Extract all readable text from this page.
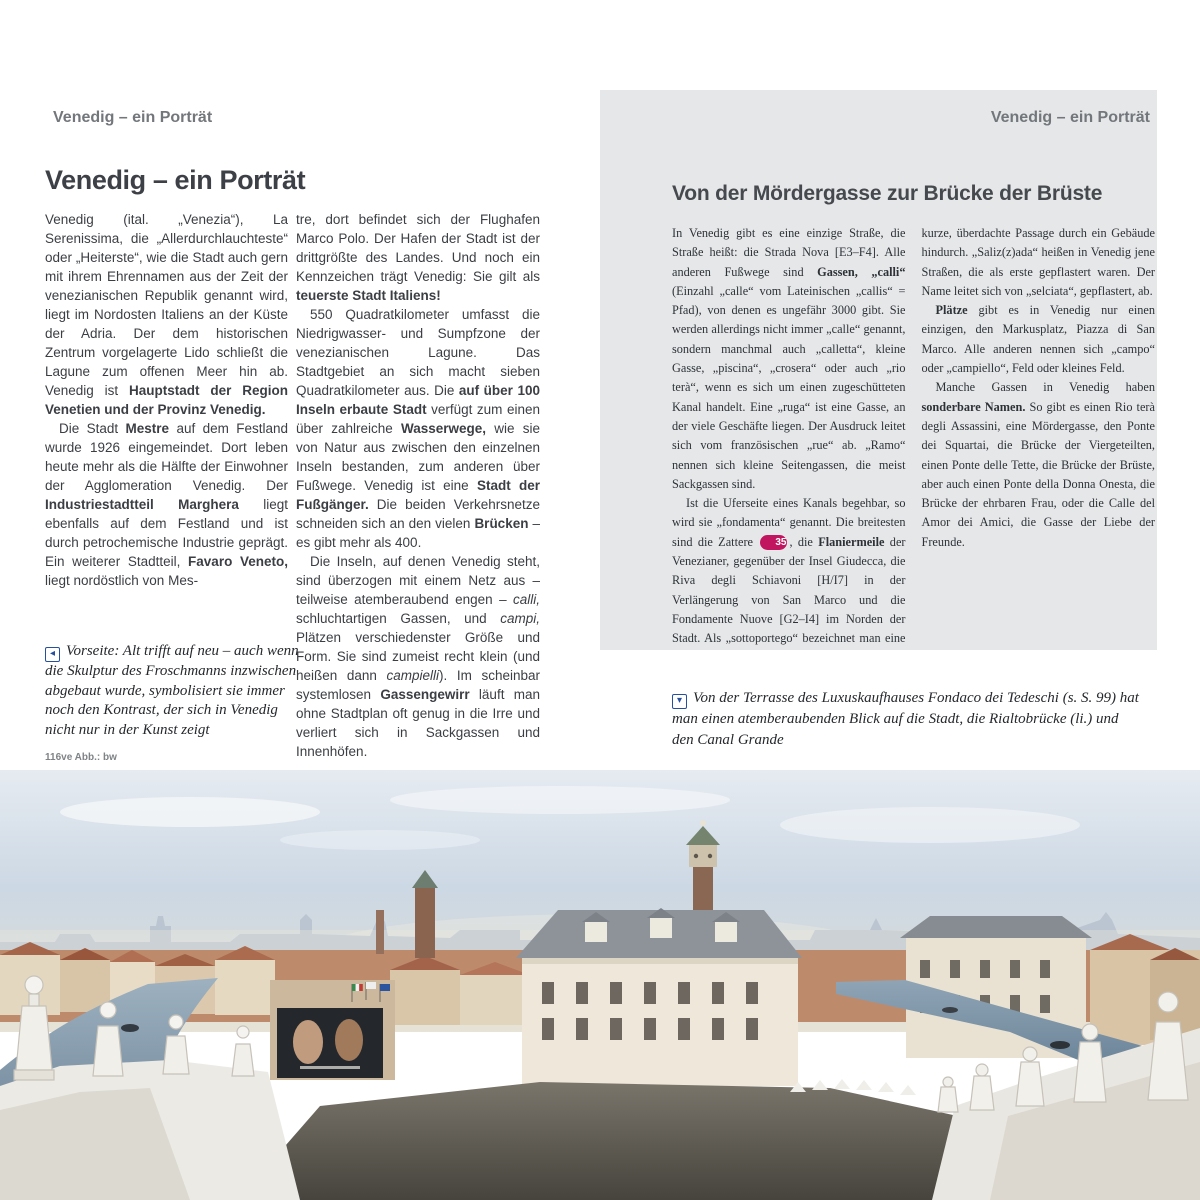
108 Venedig – ein Porträt	109
Venedig – ein Porträt
Venedig – ein Porträt

Venedig (ital. „Venezia“), La Serenissima, die „Allerdurchlauchteste“ oder „Heiterste“, wie die Stadt auch gern mit ihrem Ehrennamen aus der Zeit der venezianischen Republik genannt wird, liegt im Nordosten Italiens an der Küste der Adria. Der dem historischen Zentrum vorgelagerte Lido schließt die Lagune zum offenen Meer hin ab. Venedig ist Hauptstadt der Region Venetien und der Provinz Venedig.

Die Stadt Mestre auf dem Festland wurde 1926 eingemeindet. Dort leben heute mehr als die Hälfte der Einwohner der Agglomeration Venedig. Der Industriestadtteil Marghera liegt ebenfalls auf dem Festland und ist durch petrochemische Industrie geprägt. Ein weiterer Stadtteil, Favaro Veneto, liegt nordöstlich von Mes-

tre, dort befindet sich der Flughafen Marco Polo. Der Hafen der Stadt ist der drittgrößte des Landes. Und noch ein Kennzeichen trägt Venedig: Sie gilt als teuerste Stadt Italiens!

550 Quadratkilometer umfasst die Niedrigwasser- und Sumpfzone der venezianischen Lagune. Das Stadtgebiet an sich macht sieben Quadratkilometer aus. Die auf über 100 Inseln erbaute Stadt verfügt zum einen über zahlreiche Wasserwege, wie sie von Natur aus zwischen den einzelnen Inseln bestanden, zum anderen über Fußwege. Venedig ist eine Stadt der Fußgänger. Die beiden Verkehrsnetze schneiden sich an den vielen Brücken – es gibt mehr als 400.

Die Inseln, auf denen Venedig steht, sind überzogen mit einem Netz aus – teilweise atemberaubend engen – calli, schluchtartigen Gassen, und campi, Plätzen verschiedenster Größe und Form. Sie sind zumeist recht klein (und heißen dann campielli). Im scheinbar systemlosen Gassengewirr läuft man ohne Stadtplan oft genug in die Irre und verliert sich in Sackgassen und Innenhöfen.

◂ Vorseite: Alt trifft auf neu – auch wenn die Skulptur des Froschmanns inzwischen abgebaut wurde, symbolisiert sie immer noch den Kontrast, der sich in Venedig nicht nur in der Kunst zeigt

116ve Abb.: bw
Von der Mördergasse zur Brücke der Brüste

In Venedig gibt es eine einzige Straße, die Straße heißt: die Strada Nova [E3–F4]. Alle anderen Fußwege sind Gassen, „calli“ (Einzahl „calle“ vom Lateinischen „callis“ = Pfad), von denen es ungefähr 3000 gibt. Sie werden allerdings nicht immer „calle“ genannt, sondern manchmal auch „calletta“, kleine Gasse, „piscina“, „crosera“ oder auch „rio terà“, wenn es sich um einen zugeschütteten Kanal handelt. Eine „ruga“ ist eine Gasse, an der viele Geschäfte liegen. Der Ausdruck leitet sich vom französischen „rue“ ab. „Ramo“ nennen sich kleine Seitengassen, die meist Sackgassen sind.

Ist die Uferseite eines Kanals begehbar, so wird sie „fondamenta“ genannt. Die breitesten sind die Zattere 35 , die Flaniermeile der Venezianer, gegenüber der Insel Giudecca, die Riva degli Schiavoni [H/I7] in der Verlängerung von San Marco und die Fondamente Nuove [G2–I4] im Norden der Stadt. Als „sottoportego“ bezeichnet man eine kurze, überdachte Passage durch ein Gebäude hindurch. „Saliz(z)ada“ heißen in Venedig jene Straßen, die als erste gepflastert waren. Der Name leitet sich von „selciata“, gepflastert, ab.

Plätze gibt es in Venedig nur einen einzigen, den Markusplatz, Piazza di San Marco. Alle anderen nennen sich „campo“ oder „campiello“, Feld oder kleines Feld.

Manche Gassen in Venedig haben sonderbare Namen. So gibt es einen Rio terà degli Assassini, eine Mördergasse, den Ponte dei Squartai, die Brücke der Viergeteilten, einen Ponte delle Tette, die Brücke der Brüste, aber auch einen Ponte della Donna Onesta, die Brücke der ehrbaren Frau, oder die Calle del Amor dei Amici, die Gasse der Liebe der Freunde.

▾ Von der Terrasse des Luxuskaufhauses Fondaco dei Tedeschi (s. S. 99) hat man einen atemberaubenden Blick auf die Stadt, die Rialtobrücke (li.) und den Canal Grande
